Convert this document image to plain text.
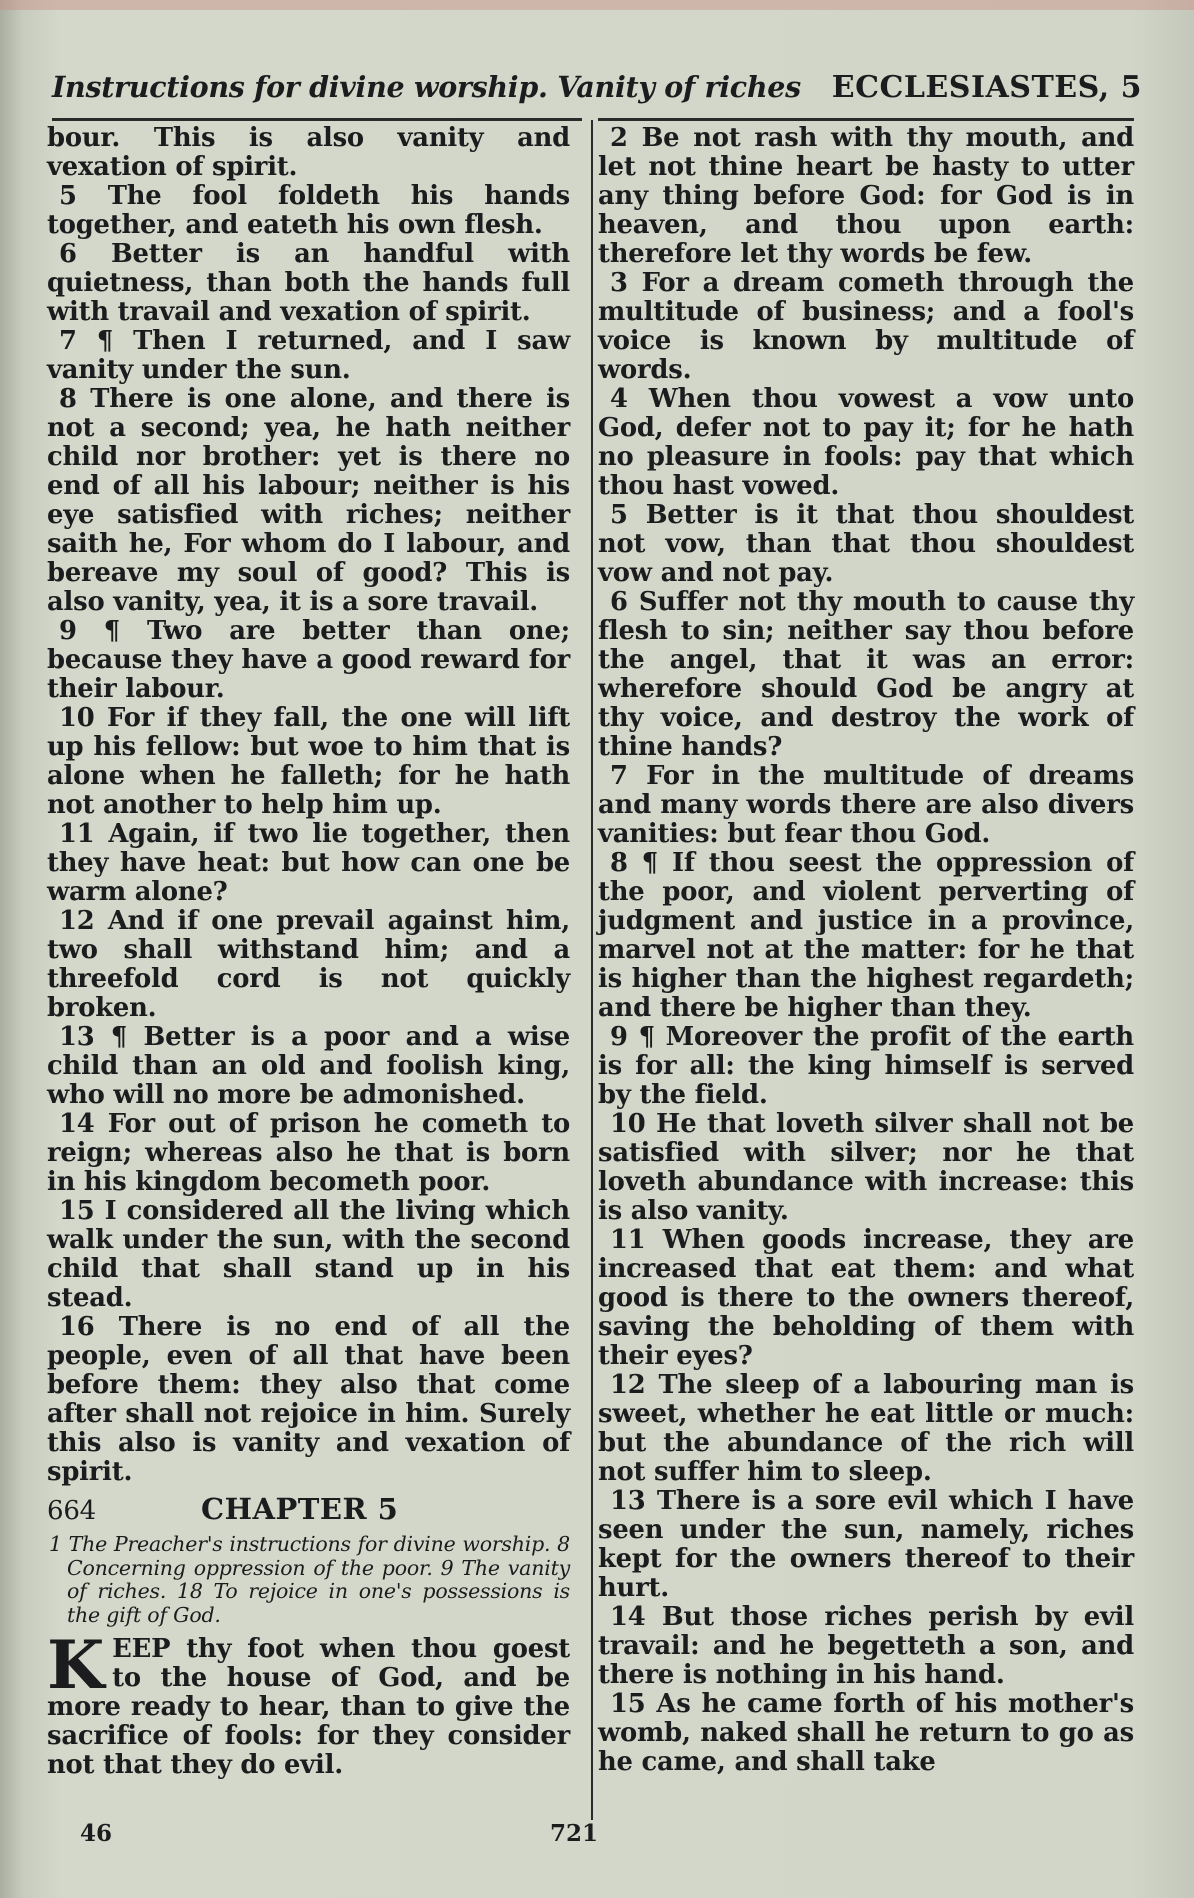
Instructions for divine worship. Vanity of riches ECCLESIASTES, 5

bour. This is also vanity and vexation of spirit.

5 The fool foldeth his hands together, and eateth his own flesh.

6 Better is an handful with quietness, than both the hands full with travail and vexation of spirit.

7 ¶ Then I returned, and I saw vanity under the sun.

8 There is one alone, and there is not a second; yea, he hath neither child nor brother: yet is there no end of all his labour; neither is his eye satisfied with riches; neither saith he, For whom do I labour, and bereave my soul of good? This is also vanity, yea, it is a sore travail.

9 ¶ Two are better than one; because they have a good reward for their labour.

10 For if they fall, the one will lift up his fellow: but woe to him that is alone when he falleth; for he hath not another to help him up.

11 Again, if two lie together, then they have heat: but how can one be warm alone?

12 And if one prevail against him, two shall withstand him; and a threefold cord is not quickly broken.

13 ¶ Better is a poor and a wise child than an old and foolish king, who will no more be admonished.

14 For out of prison he cometh to reign; whereas also he that is born in his kingdom becometh poor.

15 I considered all the living which walk under the sun, with the second child that shall stand up in his stead.

16 There is no end of all the people, even of all that have been before them: they also that come after shall not rejoice in him. Surely this also is vanity and vexation of spirit.

664	CHAPTER 5

1 The Preacher's instructions for divine worship. 8 Concerning oppression of the poor. 9 The vanity of riches. 18 To rejoice in one's possessions is the gift of God.

K EEP thy foot when thou goest to the house of God, and be more ready to hear, than to give the sacrifice of fools: for they consider not that they do evil.

2 Be not rash with thy mouth, and let not thine heart be hasty to utter any thing before God: for God is in heaven, and thou upon earth: therefore let thy words be few.

3 For a dream cometh through the multitude of business; and a fool's voice is known by multitude of words.

4 When thou vowest a vow unto God, defer not to pay it; for he hath no pleasure in fools: pay that which thou hast vowed.

5 Better is it that thou shouldest not vow, than that thou shouldest vow and not pay.

6 Suffer not thy mouth to cause thy flesh to sin; neither say thou before the angel, that it was an error: wherefore should God be angry at thy voice, and destroy the work of thine hands?

7 For in the multitude of dreams and many words there are also divers vanities: but fear thou God.

8 ¶ If thou seest the oppression of the poor, and violent perverting of judgment and justice in a province, marvel not at the matter: for he that is higher than the highest regardeth; and there be higher than they.

9 ¶ Moreover the profit of the earth is for all: the king himself is served by the field.

10 He that loveth silver shall not be satisfied with silver; nor he that loveth abundance with increase: this is also vanity.

11 When goods increase, they are increased that eat them: and what good is there to the owners thereof, saving the beholding of them with their eyes?

12 The sleep of a labouring man is sweet, whether he eat little or much: but the abundance of the rich will not suffer him to sleep.

13 There is a sore evil which I have seen under the sun, namely, riches kept for the owners thereof to their hurt.

14 But those riches perish by evil travail: and he begetteth a son, and there is nothing in his hand.

15 As he came forth of his mother's womb, naked shall he return to go as he came, and shall take

46	721
